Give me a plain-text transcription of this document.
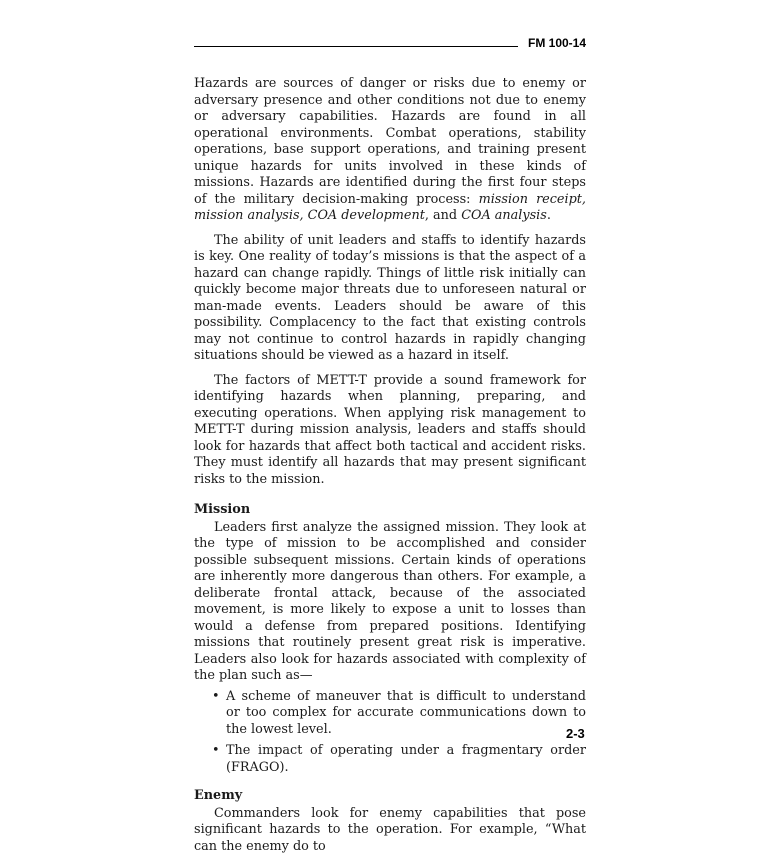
FM 100-14

Hazards are sources of danger or risks due to enemy or adversary presence and other conditions not due to enemy or adversary capabilities. Hazards are found in all operational environments. Combat operations, stability operations, base support operations, and training present unique hazards for units involved in these kinds of missions. Hazards are identified during the first four steps of the military decision-making process: mission receipt, mission analysis, COA development, and COA analysis.

The ability of unit leaders and staffs to identify hazards is key. One reality of today’s missions is that the aspect of a hazard can change rapidly. Things of little risk initially can quickly become major threats due to unforeseen natural or man-made events. Leaders should be aware of this possibility. Complacency to the fact that existing controls may not continue to control hazards in rapidly changing situations should be viewed as a hazard in itself.

The factors of METT-T provide a sound framework for identifying hazards when planning, preparing, and executing operations. When applying risk management to METT-T during mission analysis, leaders and staffs should look for hazards that affect both tactical and accident risks. They must identify all hazards that may present significant risks to the mission.

Mission

Leaders first analyze the assigned mission. They look at the type of mission to be accomplished and consider possible subsequent missions. Certain kinds of operations are inherently more dangerous than others. For example, a deliberate frontal attack, because of the associated movement, is more likely to expose a unit to losses than would a defense from prepared positions. Identifying missions that routinely present great risk is imperative. Leaders also look for hazards associated with complexity of the plan such as—

• A scheme of maneuver that is difficult to understand or too complex for accurate communications down to the lowest level.
• The impact of operating under a fragmentary order (FRAGO).
Enemy

Commanders look for enemy capabilities that pose significant hazards to the operation. For example, “What can the enemy do to

2-3
